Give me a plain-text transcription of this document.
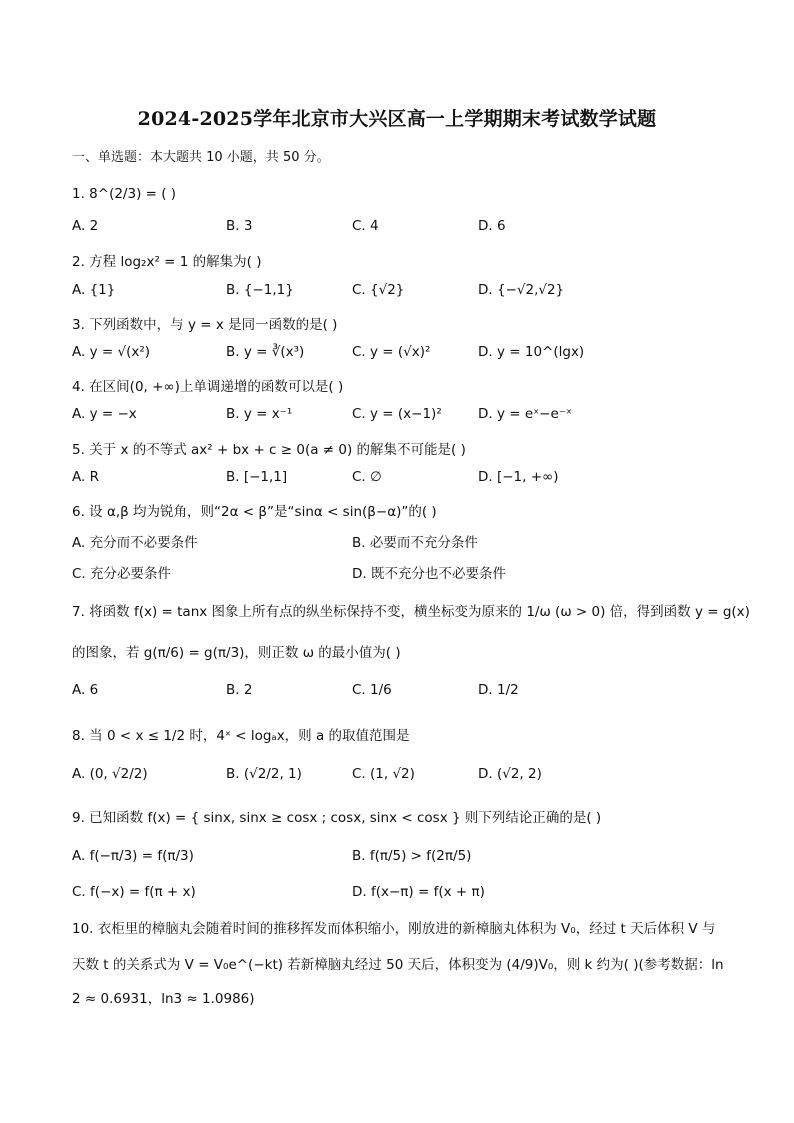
2024-2025学年北京市大兴区高一上学期期末考试数学试题
一、单选题：本大题共 10 小题，共 50 分。
1. 8^(2/3) = ( )
A. 2	B. 3	C. 4	D. 6
2. 方程 log₂x² = 1 的解集为( )
A. {1}	B. {−1,1}	C. {√2}	D. {−√2,√2}
3. 下列函数中，与 y = x 是同一函数的是( )
A. y = √(x²)	B. y = ∛(x³)	C. y = (√x)²	D. y = 10^(lgx)
4. 在区间(0, +∞)上单调递增的函数可以是( )
A. y = −x	B. y = x⁻¹	C. y = (x−1)²	D. y = eˣ−e⁻ˣ
5. 关于 x 的不等式 ax² + bx + c ≥ 0(a ≠ 0) 的解集不可能是( )
A. R	B. [−1,1]	C. ∅	D. [−1, +∞)
6. 设 α,β 均为锐角，则“2α < β”是“sinα < sin(β−α)”的( )
A. 充分而不必要条件	B. 必要而不充分条件
C. 充分必要条件	D. 既不充分也不必要条件
7. 将函数 f(x) = tanx 图象上所有点的纵坐标保持不变，横坐标变为原来的 1/ω (ω > 0) 倍，得到函数 y = g(x)
的图象，若 g(π/6) = g(π/3)，则正数 ω 的最小值为( )
A. 6	B. 2	C. 1/6	D. 1/2
8. 当 0 < x ≤ 1/2 时，4ˣ < logₐx，则 a 的取值范围是
A. (0, √2/2)	B. (√2/2, 1)	C. (1, √2)	D. (√2, 2)
9. 已知函数 f(x) = { sinx, sinx ≥ cosx ; cosx, sinx < cosx } 则下列结论正确的是( )
A. f(−π/3) = f(π/3)	B. f(π/5) > f(2π/5)
C. f(−x) = f(π + x)	D. f(x−π) = f(x + π)
10. 衣柜里的樟脑丸会随着时间的推移挥发而体积缩小，刚放进的新樟脑丸体积为 V₀，经过 t 天后体积 V 与
天数 t 的关系式为 V = V₀e^(−kt) 若新樟脑丸经过 50 天后，体积变为 (4/9)V₀，则 k 约为( )(参考数据：ln
2 ≈ 0.6931，ln3 ≈ 1.0986)
